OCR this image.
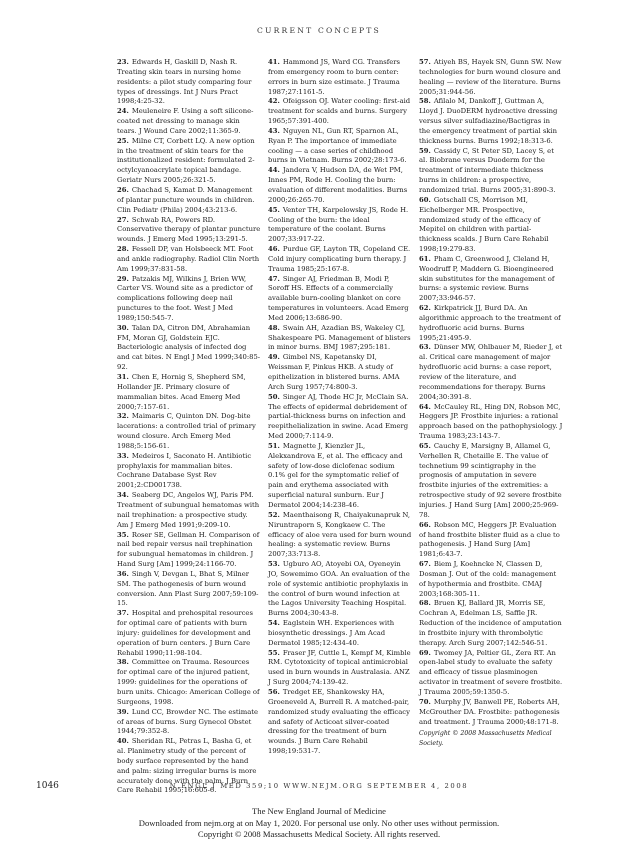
CURRENT CONCEPTS

23. Edwards H, Gaskill D, Nash R. Treating skin tears in nursing home residents: a pilot study comparing four types of dressings. Int J Nurs Pract 1998;4:25-32.

24. Meuleneire F. Using a soft silicone-coated net dressing to manage skin tears. J Wound Care 2002;11:365-9.

25. Milne CT, Corbett LQ. A new option in the treatment of skin tears for the institutionalized resident: formulated 2-octylcyanoacrylate topical bandage. Geriatr Nurs 2005;26:321-5.

26. Chachad S, Kamat D. Management of plantar puncture wounds in children. Clin Pediatr (Phila) 2004;43:213-6.

27. Schwab RA, Powers RD. Conservative therapy of plantar puncture wounds. J Emerg Med 1995;13:291-5.

28. Fessell DP, van Holsbeeck MT. Foot and ankle radiography. Radiol Clin North Am 1999;37:831-58.

29. Patzakis MJ, Wilkins J, Brien WW, Carter VS. Wound site as a predictor of complications following deep nail punctures to the foot. West J Med 1989;150:545-7.

30. Talan DA, Citron DM, Abrahamian FM, Moran GJ, Goldstein EJC. Bacteriologic analysis of infected dog and cat bites. N Engl J Med 1999;340:85-92.

31. Chen E, Hornig S, Shepherd SM, Hollander JE. Primary closure of mammalian bites. Acad Emerg Med 2000;7:157-61.

32. Maimaris C, Quinton DN. Dog-bite lacerations: a controlled trial of primary wound closure. Arch Emerg Med 1988;5:156-61.

33. Medeiros I, Saconato H. Antibiotic prophylaxis for mammalian bites. Cochrane Database Syst Rev 2001;2:CD001738.

34. Seaberg DC, Angelos WJ, Paris PM. Treatment of subungual hematomas with nail trephination: a prospective study. Am J Emerg Med 1991;9:209-10.

35. Roser SE, Gellman H. Comparison of nail bed repair versus nail trephination for subungual hematomas in children. J Hand Surg [Am] 1999;24:1166-70.

36. Singh V, Devgan L, Bhat S, Milner SM. The pathogenesis of burn wound conversion. Ann Plast Surg 2007;59:109-15.

37. Hospital and prehospital resources for optimal care of patients with burn injury: guidelines for development and operation of burn centers. J Burn Care Rehabil 1990;11:98-104.

38. Committee on Trauma. Resources for optimal care of the injured patient, 1999: guidelines for the operations of burn units. Chicago: American College of Surgeons, 1998.

39. Lund CC, Browder NC. The estimate of areas of burns. Surg Gynecol Obstet 1944;79:352-8.

40. Sheridan RL, Petras L, Basha G, et al. Planimetry study of the percent of body surface represented by the hand and palm: sizing irregular burns is more accurately done with the palm. J Burn Care Rehabil 1995;16:605-6.

41. Hammond JS, Ward CG. Transfers from emergency room to burn center: errors in burn size estimate. J Trauma 1987;27:1161-5.

42. Ofeigsson OJ. Water cooling: first-aid treatment for scalds and burns. Surgery 1965;57:391-400.

43. Nguyen NL, Gun RT, Sparnon AL, Ryan P. The importance of immediate cooling — a case series of childhood burns in Vietnam. Burns 2002;28:173-6.

44. Jandera V, Hudson DA, de Wet PM, Innes PM, Rode H. Cooling the burn: evaluation of different modalities. Burns 2000;26:265-70.

45. Venter TH, Karpelowsky JS, Rode H. Cooling of the burn: the ideal temperature of the coolant. Burns 2007;33:917-22.

46. Purdue GF, Layton TR, Copeland CE. Cold injury complicating burn therapy. J Trauma 1985;25:167-8.

47. Singer AJ, Friedman B, Modi P, Soroff HS. Effects of a commercially available burn-cooling blanket on core temperatures in volunteers. Acad Emerg Med 2006;13:686-90.

48. Swain AH, Azadian BS, Wakeley CJ, Shakespeare PG. Management of blisters in minor burns. BMJ 1987;295:181.

49. Gimbel NS, Kapetansky DI, Weissman F, Pinkus HKB. A study of epithelization in blistered burns. AMA Arch Surg 1957;74:800-3.

50. Singer AJ, Thode HC Jr, McClain SA. The effects of epidermal debridement of partial-thickness burns on infection and reepithelialization in swine. Acad Emerg Med 2000;7:114-9.

51. Magnette J, Kienzler JL, Alekxandrova E, et al. The efficacy and safety of low-dose diclofenac sodium 0.1% gel for the symptomatic relief of pain and erythema associated with superficial natural sunburn. Eur J Dermatol 2004;14:238-46.

52. Maenthaisong R, Chaiyakunapruk N, Niruntraporn S, Kongkaew C. The efficacy of aloe vera used for burn wound healing: a systematic review. Burns 2007;33:713-8.

53. Ugburo AO, Atoyebi OA, Oyeneyin JO, Sowemimo GOA. An evaluation of the role of systemic antibiotic prophylaxis in the control of burn wound infection at the Lagos University Teaching Hospital. Burns 2004;30:43-8.

54. Eaglstein WH. Experiences with biosynthetic dressings. J Am Acad Dermatol 1985;12:434-40.

55. Fraser JF, Cuttle L, Kempf M, Kimble RM. Cytotoxicity of topical antimicrobial used in burn wounds in Australasia. ANZ J Surg 2004;74:139-42.

56. Tredget EE, Shankowsky HA, Groeneveld A, Burrell R. A matched-pair, randomized study evaluating the efficacy and safety of Acticoat silver-coated dressing for the treatment of burn wounds. J Burn Care Rehabil 1998;19:531-7.

57. Atiyeh BS, Hayek SN, Gunn SW. New technologies for burn wound closure and healing — review of the literature. Burns 2005;31:944-56.

58. Afilalo M, Dankoff J, Guttman A, Lloyd J. DuoDERM hydroactive dressing versus silver sulfadiazine/Bactigras in the emergency treatment of partial skin thickness burns. Burns 1992;18:313-6.

59. Cassidy C, St Peter SD, Lacey S, et al. Biobrane versus Duoderm for the treatment of intermediate thickness burns in children: a prospective, randomized trial. Burns 2005;31:890-3.

60. Gotschall CS, Morrison MI, Eichelberger MR. Prospective, randomized study of the efficacy of Mepitel on children with partial-thickness scalds. J Burn Care Rehabil 1998;19:279-83.

61. Pham C, Greenwood J, Cleland H, Woodruff P, Maddern G. Bioengineered skin substitutes for the management of burns: a systemic review. Burns 2007;33:946-57.

62. Kirkpatrick JJ, Burd DA. An algorithmic approach to the treatment of hydrofluoric acid burns. Burns 1995;21:495-9.

63. Dünser MW, Ohlbauer M, Rieder J, et al. Critical care management of major hydrofluoric acid burns: a case report, review of the literature, and recommendations for therapy. Burns 2004;30:391-8.

64. McCauley RL, Hing DN, Robson MC, Heggers JP. Frostbite injuries: a rational approach based on the pathophysiology. J Trauma 1983;23:143-7.

65. Cauchy E, Marsigny B, Allamel G, Verhellen R, Chetaille E. The value of technetium 99 scintigraphy in the prognosis of amputation in severe frostbite injuries of the extremities: a retrospective study of 92 severe frostbite injuries. J Hand Surg [Am] 2000;25:969-78.

66. Robson MC, Heggers JP. Evaluation of hand frostbite blister fluid as a clue to pathogenesis. J Hand Surg [Am] 1981;6:43-7.

67. Biem J, Koehncke N, Classen D, Dosman J. Out of the cold: management of hypothermia and frostbite. CMAJ 2003;168:305-11.

68. Bruen KJ, Ballard JR, Morris SE, Cochran A, Edelman LS, Saffle JR. Reduction of the incidence of amputation in frostbite injury with thrombolytic therapy. Arch Surg 2007;142:546-51.

69. Twomey JA, Peltier GL, Zera RT. An open-label study to evaluate the safety and efficacy of tissue plasminogen activator in treatment of severe frostbite. J Trauma 2005;59:1350-5.

70. Murphy JV, Banwell PE, Roberts AH, McGrouther DA. Frostbite: pathogenesis and treatment. J Trauma 2000;48:171-8.

Copyright © 2008 Massachusetts Medical Society.
1046	N ENGL J MED 359;10 WWW.NEJM.ORG SEPTEMBER 4, 2008
The New England Journal of Medicine
Downloaded from nejm.org at on May 1, 2020. For personal use only. No other uses without permission.
Copyright © 2008 Massachusetts Medical Society. All rights reserved.
